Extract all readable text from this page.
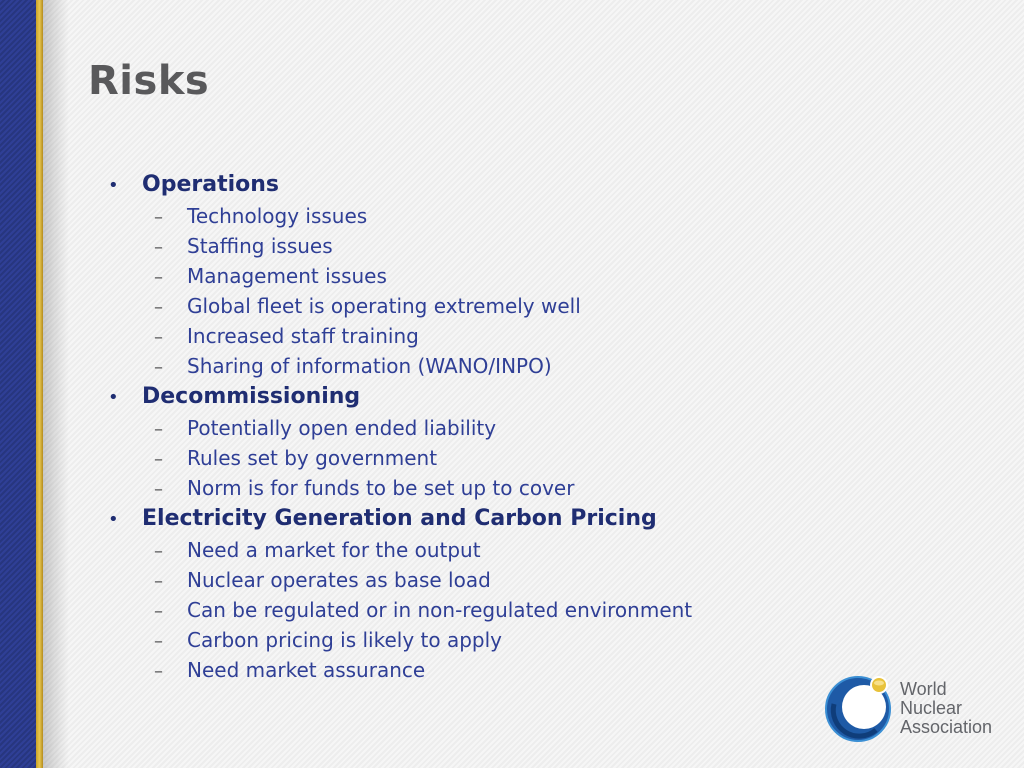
Risks
•	Operations
–	Technology issues
–	Staffing issues
–	Management issues
–	Global fleet is operating extremely well
–	Increased staff training
–	Sharing of information (WANO/INPO)
•	Decommissioning
–	Potentially open ended liability
–	Rules set by government
–	Norm is for funds to be set up to cover
•	Electricity Generation and Carbon Pricing
–	Need a market for the output
–	Nuclear operates as base load
–	Can be regulated or in non-regulated environment
–	Carbon pricing is likely to apply
–	Need market assurance
World
Nuclear
Association
